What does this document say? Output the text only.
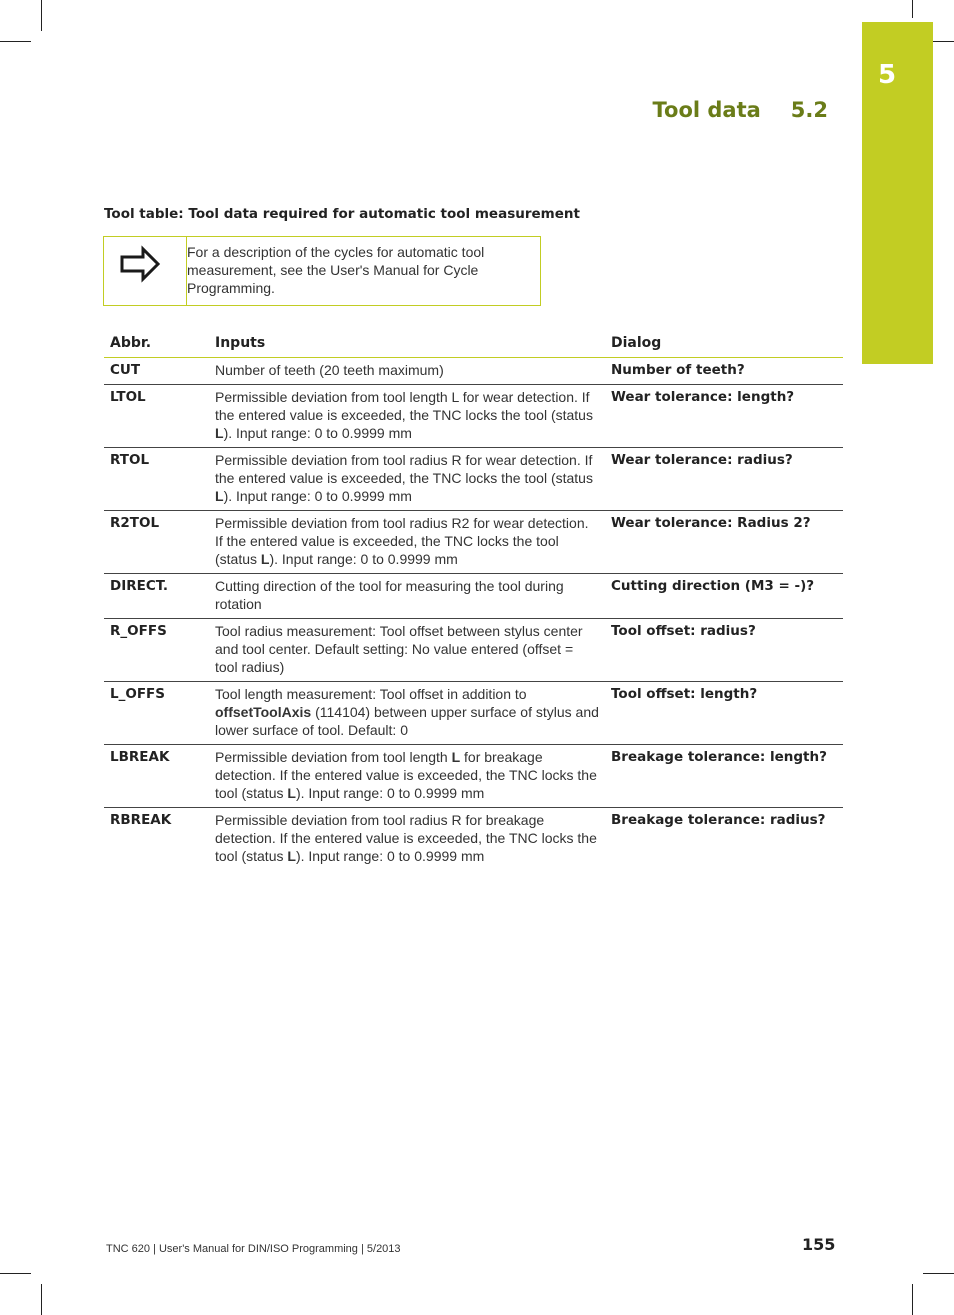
5
Tool data 5.2
Tool table: Tool data required for automatic tool measurement
For a description of the cycles for automatic tool measurement, see the User's Manual for Cycle Programming.
Abbr.	Inputs	Dialog
CUT	Number of teeth (20 teeth maximum)	Number of teeth?
LTOL	Permissible deviation from tool length L for wear detection. If the entered value is exceeded, the TNC locks the tool (status L). Input range: 0 to 0.9999 mm	Wear tolerance: length?
RTOL	Permissible deviation from tool radius R for wear detection. If the entered value is exceeded, the TNC locks the tool (status L). Input range: 0 to 0.9999 mm	Wear tolerance: radius?
R2TOL	Permissible deviation from tool radius R2 for wear detection. If the entered value is exceeded, the TNC locks the tool (status L). Input range: 0 to 0.9999 mm	Wear tolerance: Radius 2?
DIRECT.	Cutting direction of the tool for measuring the tool during rotation	Cutting direction (M3 = -)?
R_OFFS	Tool radius measurement: Tool offset between stylus center and tool center. Default setting: No value entered (offset = tool radius)	Tool offset: radius?
L_OFFS	Tool length measurement: Tool offset in addition to offsetToolAxis (114104) between upper surface of stylus and lower surface of tool. Default: 0	Tool offset: length?
LBREAK	Permissible deviation from tool length L for breakage detection. If the entered value is exceeded, the TNC locks the tool (status L). Input range: 0 to 0.9999 mm	Breakage tolerance: length?
RBREAK	Permissible deviation from tool radius R for breakage detection. If the entered value is exceeded, the TNC locks the tool (status L). Input range: 0 to 0.9999 mm	Breakage tolerance: radius?
TNC 620 | User's Manual for DIN/ISO Programming | 5/2013	155
